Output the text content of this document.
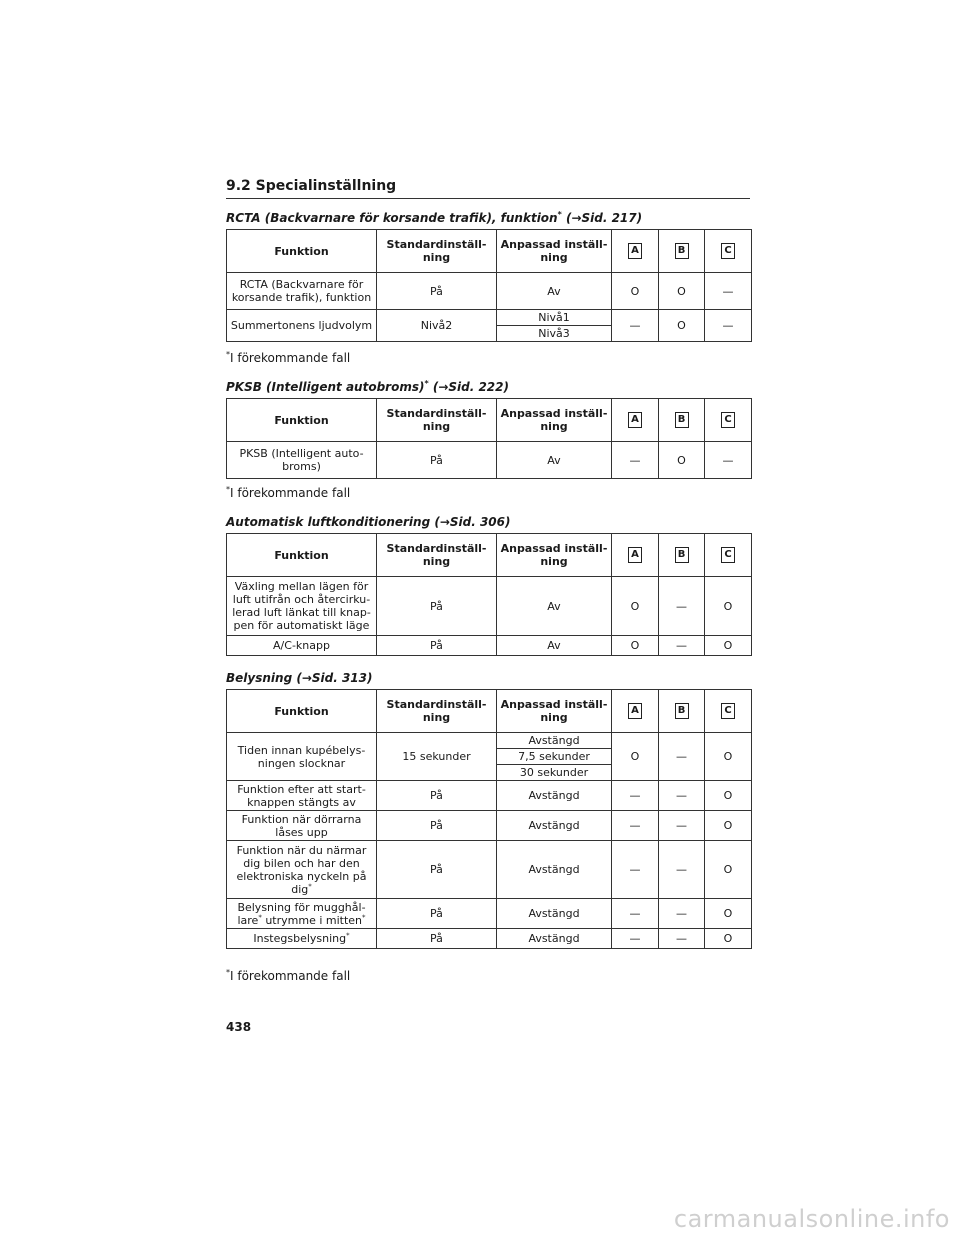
9.2 Specialinställning
RCTA (Backvarnare för korsande trafik), funktion* (→Sid. 217)
Funktion	Standardinställ-ning	Anpassad inställ-ning	A	B	C
RCTA (Backvarnare för korsande trafik), funktion	På	Av	O	O	—
Summertonens ljudvolym	Nivå2	Nivå1	—	O	—
		Nivå3			
*I förekommande fall
PKSB (Intelligent autobroms)* (→Sid. 222)
Funktion	Standardinställ-ning	Anpassad inställ-ning	A	B	C
PKSB (Intelligent auto-broms)	På	Av	—	O	—
*I förekommande fall
Automatisk luftkonditionering (→Sid. 306)
Funktion	Standardinställ-ning	Anpassad inställ-ning	A	B	C
Växling mellan lägen för luft utifrån och återcirku-lerad luft länkat till knap-pen för automatiskt läge	På	Av	O	—	O
A/C-knapp	På	Av	O	—	O
Belysning (→Sid. 313)
Funktion	Standardinställ-ning	Anpassad inställ-ning	A	B	C
Tiden innan kupébelys-ningen slocknar	15 sekunder	Avstängd	O	—	O
		7,5 sekunder			
		30 sekunder			
Funktion efter att start-knappen stängts av	På	Avstängd	—	—	O
Funktion när dörrarna låses upp	På	Avstängd	—	—	O
Funktion när du närmar dig bilen och har den elektroniska nyckeln på dig*	På	Avstängd	—	—	O
Belysning för mugghål-lare* utrymme i mitten*	På	Avstängd	—	—	O
Instegsbelysning*	På	Avstängd	—	—	O
*I förekommande fall
438
carmanualsonline.info
